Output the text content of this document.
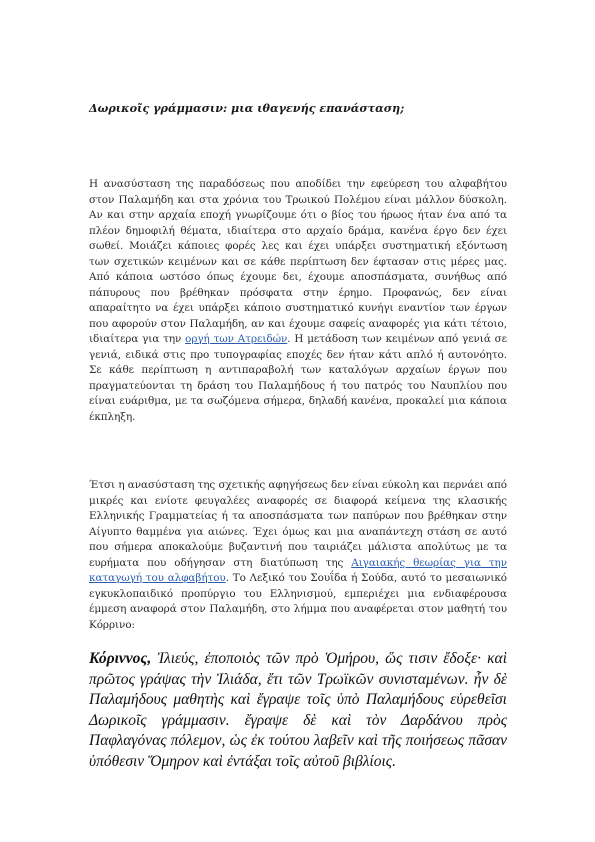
Δωρικοῖς γράμμασιν: μια ιθαγενής επανάσταση;

Η ανασύσταση της παραδόσεως που αποδίδει την εφεύρεση του αλφαβήτου στον Παλαμήδη και στα χρόνια του Τρωικού Πολέμου είναι μάλλον δύσκολη. Αν και στην αρχαία εποχή γνωρίζουμε ότι ο βίος του ήρωος ήταν ένα από τα πλέον δημοφιλή θέματα, ιδιαίτερα στο αρχαίο δράμα, κανένα έργο δεν έχει σωθεί. Μοιάζει κάποιες φορές λες και έχει υπάρξει συστηματική εξόντωση των σχετικών κειμένων και σε κάθε περίπτωση δεν έφτασαν στις μέρες μας. Από κάποια ωστόσο όπως έχουμε δει, έχουμε αποσπάσματα, συνήθως από πάπυρους που βρέθηκαν πρόσφατα στην έρημο. Προφανώς, δεν είναι απαραίτητο να έχει υπάρξει κάποιο συστηματικό κυνήγι εναντίον των έργων που αφορούν στον Παλαμήδη, αν και έχουμε σαφείς αναφορές για κάτι τέτοιο, ιδιαίτερα για την οργή των Ατρειδών. Η μετάδοση των κειμένων από γενιά σε γενιά, ειδικά στις προ τυπογραφίας εποχές δεν ήταν κάτι απλό ή αυτονόητο. Σε κάθε περίπτωση η αντιπαραβολή των καταλόγων αρχαίων έργων που πραγματεύονται τη δράση του Παλαμήδους ή του πατρός του Ναυπλίου που είναι ευάριθμα, με τα σωζόμενα σήμερα, δηλαδή κανένα, προκαλεί μια κάποια έκπληξη.

Έτσι η ανασύσταση της σχετικής αφηγήσεως δεν είναι εύκολη και περνάει από μικρές και ενίοτε φευγαλέες αναφορές σε διαφορά κείμενα της κλασικής Ελληνικής Γραμματείας ή τα αποσπάσματα των παπύρων που βρέθηκαν στην Αίγυπτο θαμμένα για αιώνες. Έχει όμως και μια αναπάντεχη στάση σε αυτό που σήμερα αποκαλούμε βυζαντινή που ταιριάζει μάλιστα απολύτως με τα ευρήματα που οδήγησαν στη διατύπωση της Αιγαιακής θεωρίας για την καταγωγή του αλφαβήτου. Το Λεξικό του Σουΐδα ή Σούδα, αυτό το μεσαιωνικό εγκυκλοπαιδικό προπύργιο του Ελληνισμού, εμπεριέχει μια ενδιαφέρουσα έμμεση αναφορά στον Παλαμήδη, στο λήμμα που αναφέρεται στον μαθητή του Κόρρινο:

Κόριννος, Ἰλιεύς, ἐποποιὸς τῶν πρὸ Ὁμήρου, ὥς τισιν ἔδοξε· καὶ πρῶτος γράψας τὴν Ἰλιάδα, ἔτι τῶν Τρωϊκῶν συνισταμένων. ἦν δὲ Παλαμήδους μαθητὴς καὶ ἔγραψε τοῖς ὑπὸ Παλαμήδους εὑρεθεῖσι Δωρικοῖς γράμμασιν. ἔγραψε δὲ καὶ τὸν Δαρδάνου πρὸς Παφλαγόνας πόλεμον, ὡς ἐκ τούτου λαβεῖν καὶ τῆς ποιήσεως πᾶσαν ὑπόθεσιν Ὅμηρον καὶ ἐντάξαι τοῖς αὐτοῦ βιβλίοις.
